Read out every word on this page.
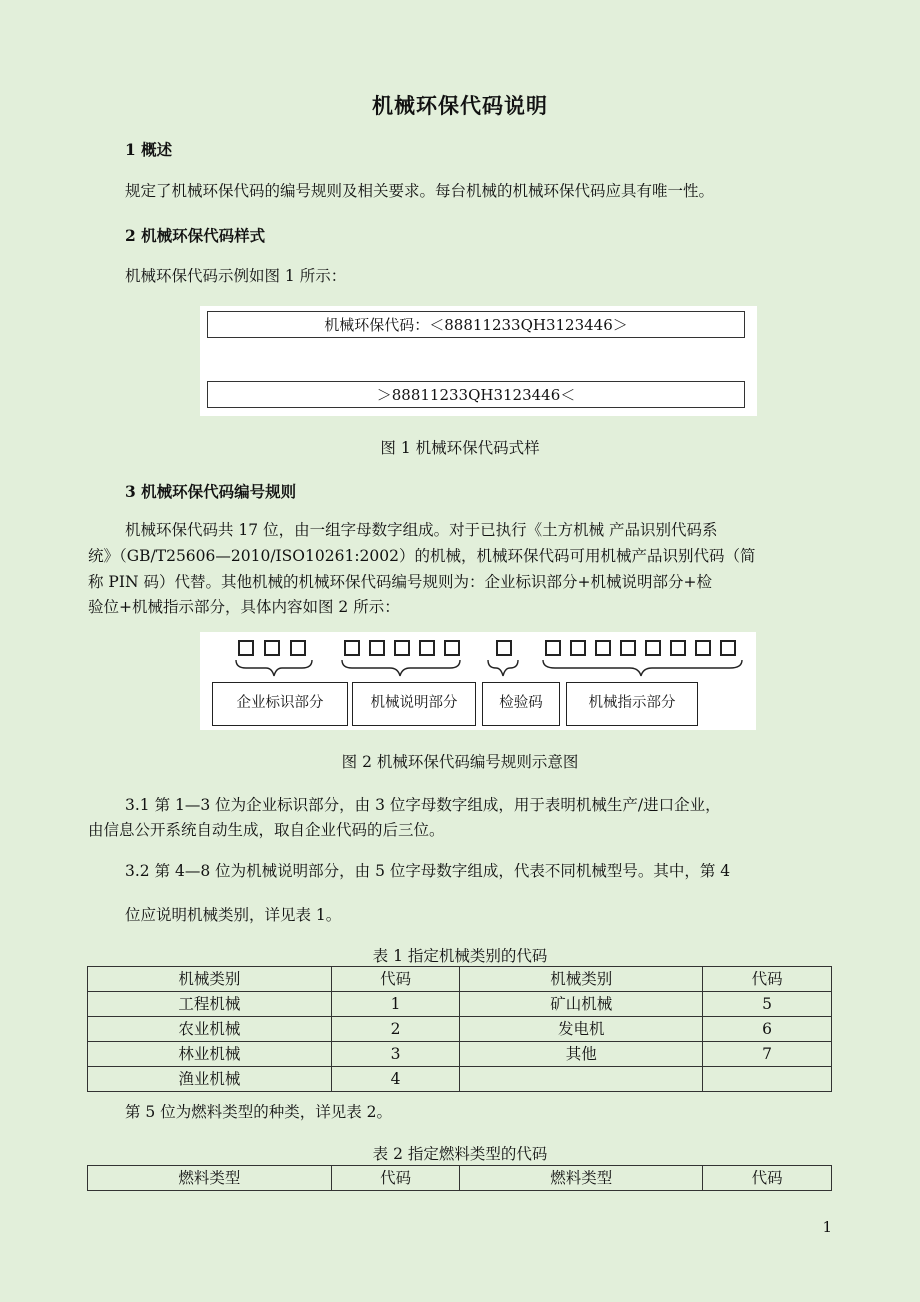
机械环保代码说明
1 概述
规定了机械环保代码的编号规则及相关要求。每台机械的机械环保代码应具有唯一性。
2 机械环保代码样式
机械环保代码示例如图 1 所示：
机械环保代码：＜88811233QH3123446＞
＞88811233QH3123446＜
图 1 机械环保代码式样
3 机械环保代码编号规则
机械环保代码共 17 位，由一组字母数字组成。对于已执行《土方机械 产品识别代码系
统》（GB/T25606—2010/ISO10261:2002）的机械，机械环保代码可用机械产品识别代码（简
称 PIN 码）代替。其他机械的机械环保代码编号规则为：企业标识部分+机械说明部分+检
验位+机械指示部分，具体内容如图 2 所示：
企业标识部分	机械说明部分	检验码	机械指示部分
图 2 机械环保代码编号规则示意图
3.1 第 1—3 位为企业标识部分，由 3 位字母数字组成，用于表明机械生产/进口企业，
由信息公开系统自动生成，取自企业代码的后三位。
3.2 第 4—8 位为机械说明部分，由 5 位字母数字组成，代表不同机械型号。其中，第 4
位应说明机械类别，详见表 1。
表 1 指定机械类别的代码
机械类别	代码	机械类别	代码
工程机械	1	矿山机械	5
农业机械	2	发电机	6
林业机械	3	其他	7
渔业机械	4		
第 5 位为燃料类型的种类，详见表 2。
表 2 指定燃料类型的代码
燃料类型	代码	燃料类型	代码
1
